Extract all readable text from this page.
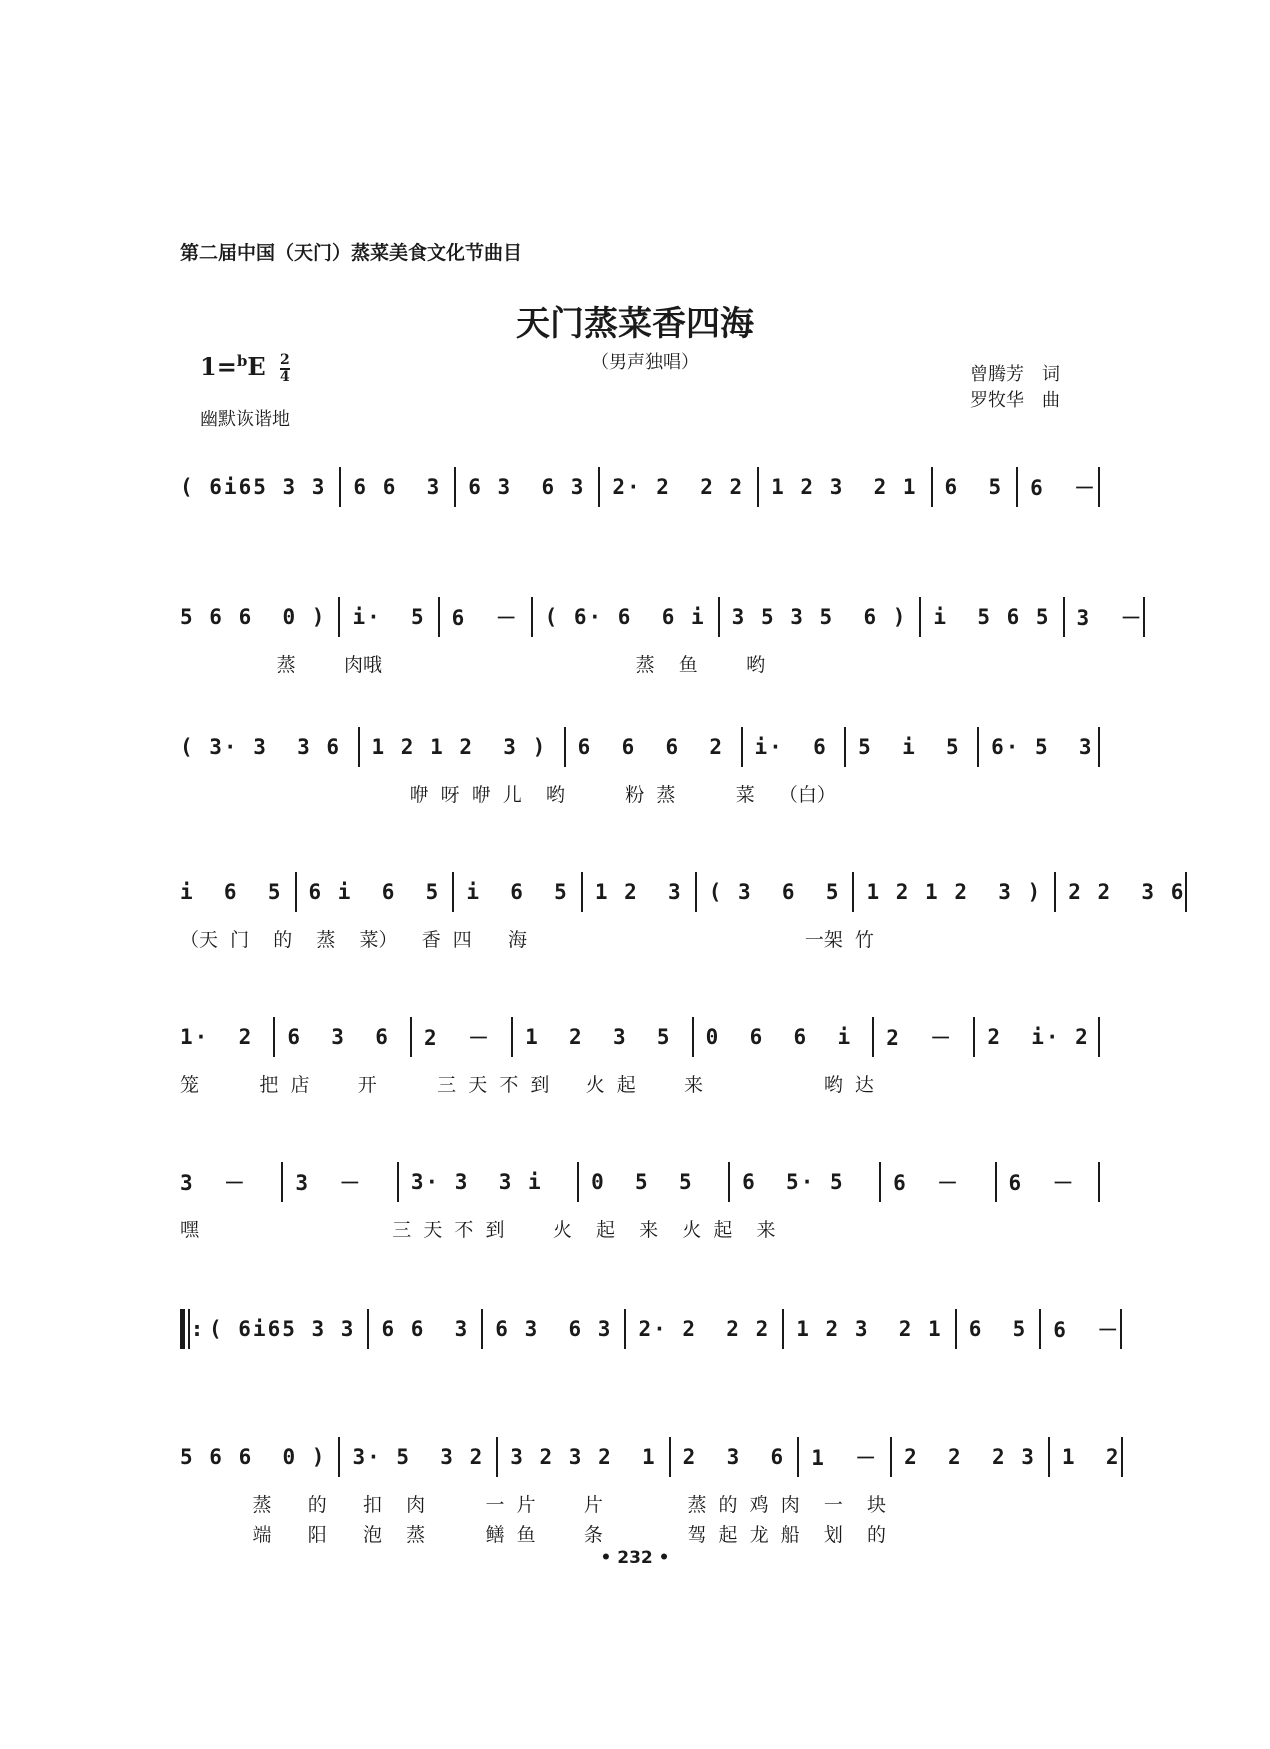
第二届中国（天门）蒸菜美食文化节曲目
天门蒸菜香四海
（男声独唱）
$1=^bE \frac{2}{4}$
幽默诙谐地
曾腾芳　词
罗牧华　曲
( 6i65 3 3 6 6  3 6 3  6 3 2· 2  2 2 1 2 3  2 1 6  5 6  －
5 6 6  0 ) i·  5 6  － ( 6· 6  6 i 3 5 3 5  6 ) i  5 6 5 3  －
蒸        肉哦                                          蒸    鱼        哟
( 3· 3  3 6 1 2 1 2  3 ) 6  6  6  2 i·  6 5  i  5 6· 5  3
咿  呀  咿  儿    哟          粉  蒸          菜    （白）
i  6  5 6 i  6  5 i  6  5 1 2  3 ( 3  6  5 1 2 1 2  3 ) 2 2  3 6
（天  门    的    蒸    菜）    香  四      海                                              一架  竹
1·  2	6  3  6	2  －	1  2  3  5	0  6  6  i	2  －	2  i· 2
笼          把  店        开          三  天  不  到      火  起        来                    哟  达
3  －	3  －	3· 3  3 i	0  5  5	6  5· 5	6  －	6  －
嘿                                三  天  不  到        火    起    来    火  起    来
: ( 6i65 3 3 6 6  3 6 3  6 3 2· 2  2 2 1 2 3  2 1 6  5 6  －
5 6 6  0 ) 3· 5  3 2 3 2 3 2  1 2  3  6 1  － 2  2  2 3 1  2
蒸      的      扣    肉          一  片        片              蒸  的  鸡  肉    一    块
端      阳      泡    蒸          鳝  鱼        条              驾  起  龙  船    划    的
• 232 •
